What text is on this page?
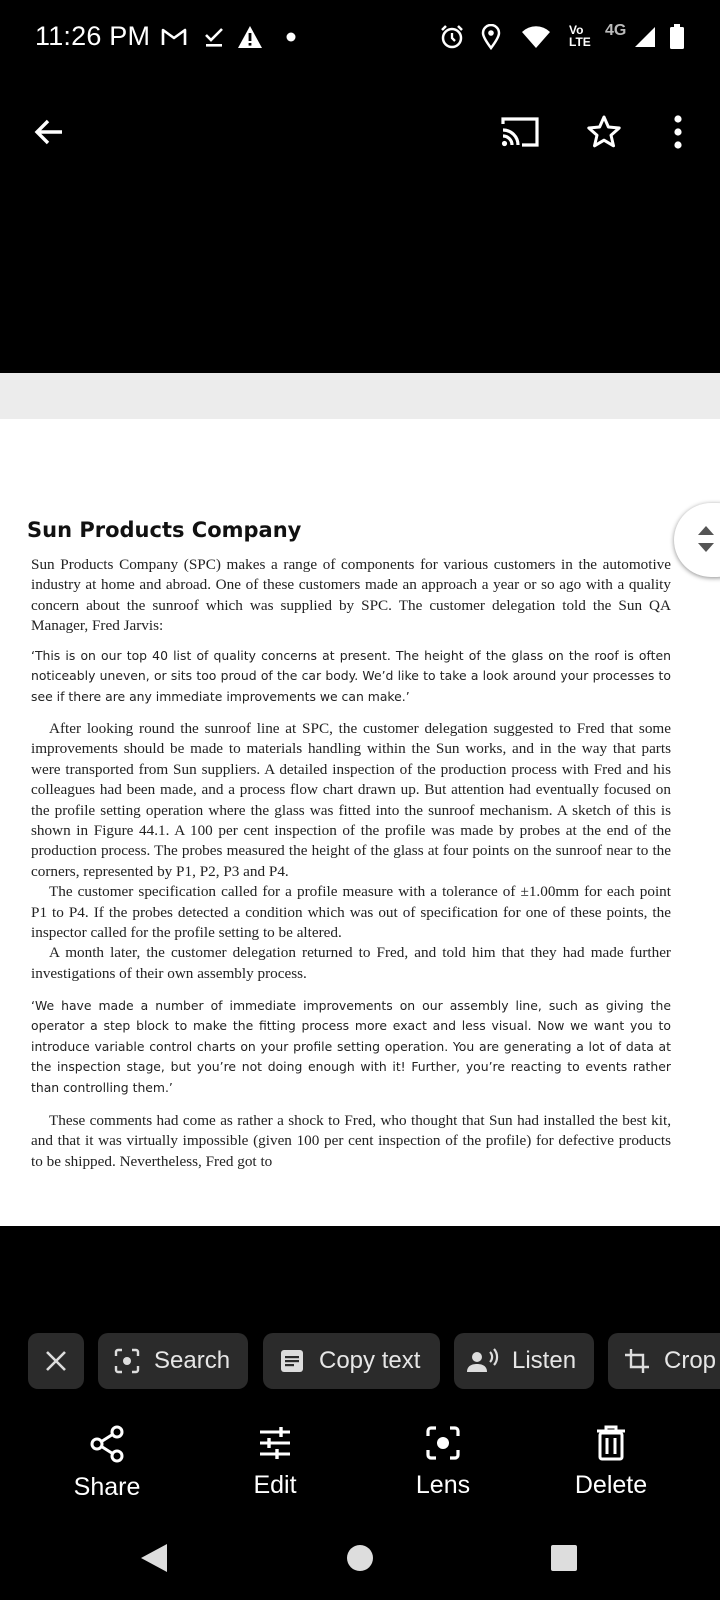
11:26 PM	Vo
LTE
4G
Sun Products Company

Sun Products Company (SPC) makes a range of components for various customers in the automotive industry at home and abroad. One of these customers made an approach a year or so ago with a quality concern about the sunroof which was supplied by SPC. The customer delegation told the Sun QA Manager, Fred Jarvis:

‘This is on our top 40 list of quality concerns at present. The height of the glass on the roof is often noticeably uneven, or sits too proud of the car body. We’d like to take a look around your processes to see if there are any immediate improvements we can make.’

After looking round the sunroof line at SPC, the customer delegation suggested to Fred that some improvements should be made to materials handling within the Sun works, and in the way that parts were transported from Sun suppliers. A detailed inspection of the production process with Fred and his colleagues had been made, and a process flow chart drawn up. But attention had eventually focused on the profile setting operation where the glass was fitted into the sunroof mechanism. A sketch of this is shown in Figure 44.1. A 100 per cent inspection of the profile was made by probes at the end of the production process. The probes measured the height of the glass at four points on the sunroof near to the corners, represented by P1, P2, P3 and P4.

The customer specification called for a profile measure with a tolerance of ±1.00mm for each point P1 to P4. If the probes detected a condition which was out of specification for one of these points, the inspector called for the profile setting to be altered.

A month later, the customer delegation returned to Fred, and told him that they had made further investigations of their own assembly process.

‘We have made a number of immediate improvements on our assembly line, such as giving the operator a step block to make the fitting process more exact and less visual. Now we want you to introduce variable control charts on your profile setting operation. You are generating a lot of data at the inspection stage, but you’re not doing enough with it! Further, you’re reacting to events rather than controlling them.’

These comments had come as rather a shock to Fred, who thought that Sun had installed the best kit, and that it was virtually impossible (given 100 per cent inspection of the profile) for defective products to be shipped. Nevertheless, Fred got to

Search	Copy text	Listen	Crop
Share	Edit	Lens	Delete
